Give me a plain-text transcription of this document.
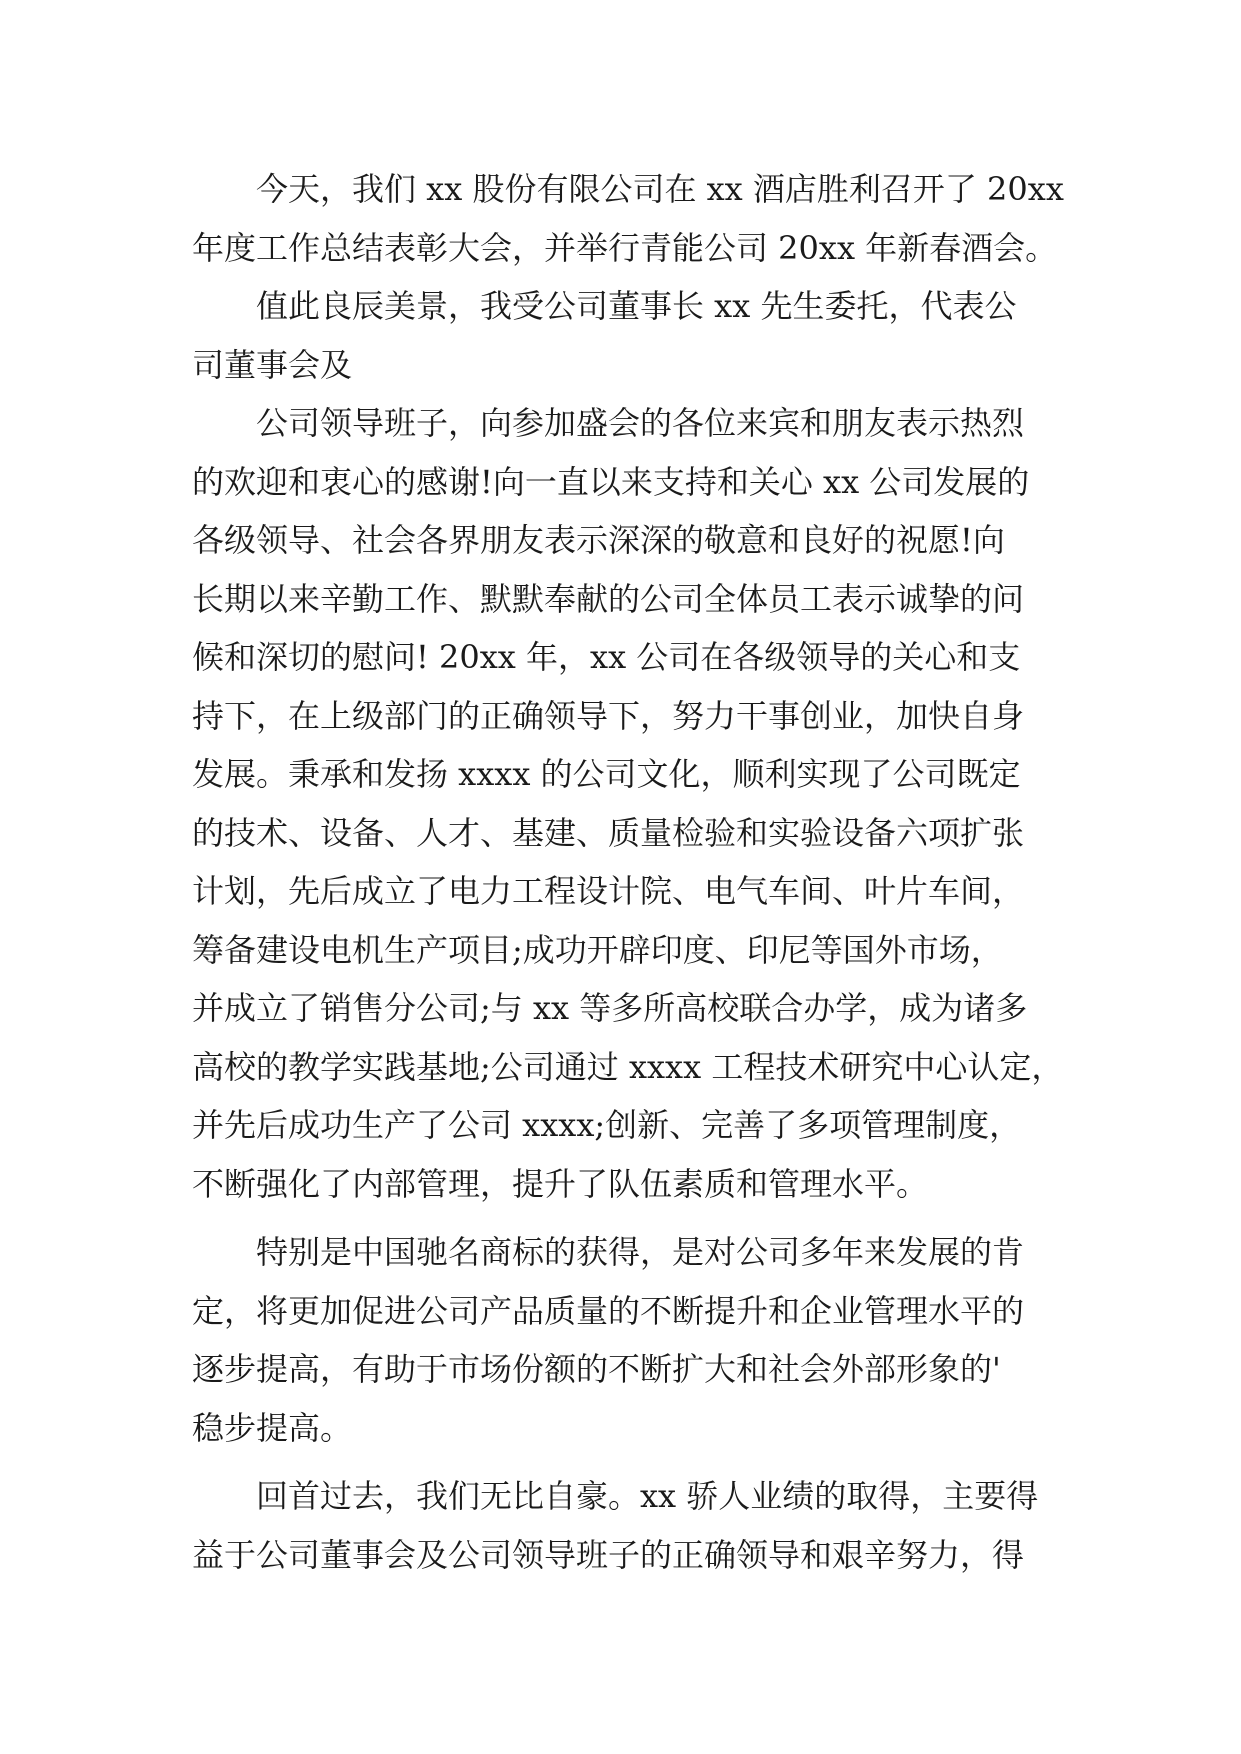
今天，我们 xx 股份有限公司在 xx 酒店胜利召开了 20xx
年度工作总结表彰大会，并举行青能公司 20xx 年新春酒会。
值此良辰美景，我受公司董事长 xx 先生委托，代表公
司董事会及
公司领导班子，向参加盛会的各位来宾和朋友表示热烈
的欢迎和衷心的感谢!向一直以来支持和关心 xx 公司发展的
各级领导、社会各界朋友表示深深的敬意和良好的祝愿!向
长期以来辛勤工作、默默奉献的公司全体员工表示诚挚的问
候和深切的慰问! 20xx 年，xx 公司在各级领导的关心和支
持下，在上级部门的正确领导下，努力干事创业，加快自身
发展。秉承和发扬 xxxx 的公司文化，顺利实现了公司既定
的技术、设备、人才、基建、质量检验和实验设备六项扩张
计划，先后成立了电力工程设计院、电气车间、叶片车间，
筹备建设电机生产项目;成功开辟印度、印尼等国外市场，
并成立了销售分公司;与 xx 等多所高校联合办学，成为诸多
高校的教学实践基地;公司通过 xxxx 工程技术研究中心认定，
并先后成功生产了公司 xxxx;创新、完善了多项管理制度，
不断强化了内部管理，提升了队伍素质和管理水平。
特别是中国驰名商标的获得，是对公司多年来发展的肯
定，将更加促进公司产品质量的不断提升和企业管理水平的
逐步提高，有助于市场份额的不断扩大和社会外部形象的'
稳步提高。
回首过去，我们无比自豪。xx 骄人业绩的取得，主要得
益于公司董事会及公司领导班子的正确领导和艰辛努力，得
